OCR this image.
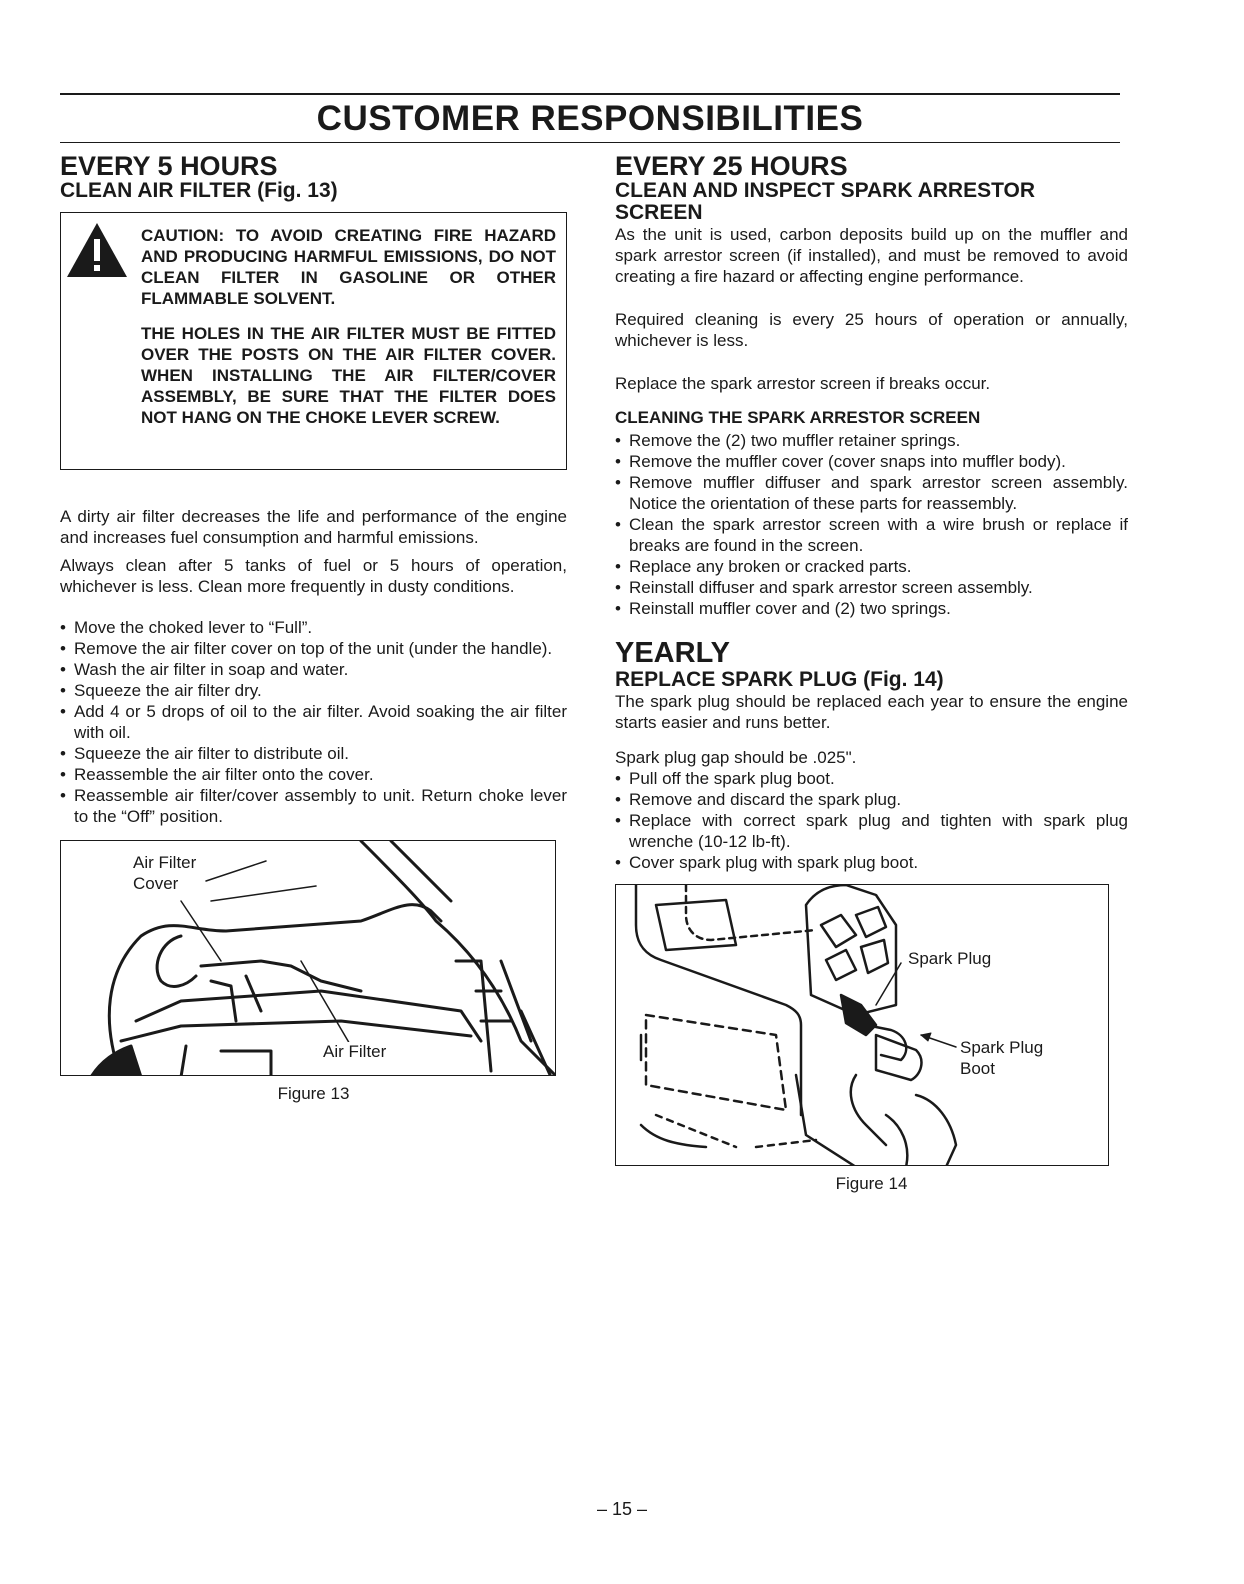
CUSTOMER RESPONSIBILITIES
EVERY 5 HOURS
CLEAN AIR FILTER (Fig. 13)

CAUTION: TO AVOID CREATING FIRE HAZARD AND PRODUCING HARMFUL EMISSIONS, DO NOT CLEAN FILTER IN GASOLINE OR OTHER FLAMMABLE SOLVENT.

THE HOLES IN THE AIR FILTER MUST BE FITTED OVER THE POSTS ON THE AIR FILTER COVER. WHEN INSTALLING THE AIR FILTER/COVER ASSEMBLY, BE SURE THAT THE FILTER DOES NOT HANG ON THE CHOKE LEVER SCREW.

A dirty air filter decreases the life and performance of the engine and increases fuel consumption and harmful emissions.

Always clean after 5 tanks of fuel or 5 hours of operation, whichever is less. Clean more frequently in dusty conditions.

• Move the choked lever to “Full”.
• Remove the air filter cover on top of the unit (under the handle).
• Wash the air filter in soap and water.
• Squeeze the air filter dry.
• Add 4 or 5 drops of oil to the air filter. Avoid soaking the air filter with oil.
• Squeeze the air filter to distribute oil.
• Reassemble the air filter onto the cover.
• Reassemble air filter/cover assembly to unit. Return choke lever to the “Off” position.
Air Filter
Cover
Air Filter
Figure 13
EVERY 25 HOURS
CLEAN AND INSPECT SPARK ARRESTOR SCREEN

As the unit is used, carbon deposits build up on the muffler and spark arrestor screen (if installed), and must be removed to avoid creating a fire hazard or affecting engine performance.

Required cleaning is every 25 hours of operation or annually, whichever is less.

Replace the spark arrestor screen if breaks occur.

CLEANING THE SPARK ARRESTOR SCREEN
• Remove the (2) two muffler retainer springs.
• Remove the muffler cover (cover snaps into muffler body).
• Remove muffler diffuser and spark arrestor screen assembly. Notice the orientation of these parts for reassembly.
• Clean the spark arrestor screen with a wire brush or replace if breaks are found in the screen.
• Replace any broken or cracked parts.
• Reinstall diffuser and spark arrestor screen assembly.
• Reinstall muffler cover and (2) two springs.
YEARLY
REPLACE SPARK PLUG (Fig. 14)

The spark plug should be replaced each year to ensure the engine starts easier and runs better.

Spark plug gap should be .025".

• Pull off the spark plug boot.
• Remove and discard the spark plug.
• Replace with correct spark plug and tighten with spark plug wrenche (10-12 lb-ft).
• Cover spark plug with spark plug boot.
Spark Plug
Spark Plug
Boot
Figure 14
– 15 –
